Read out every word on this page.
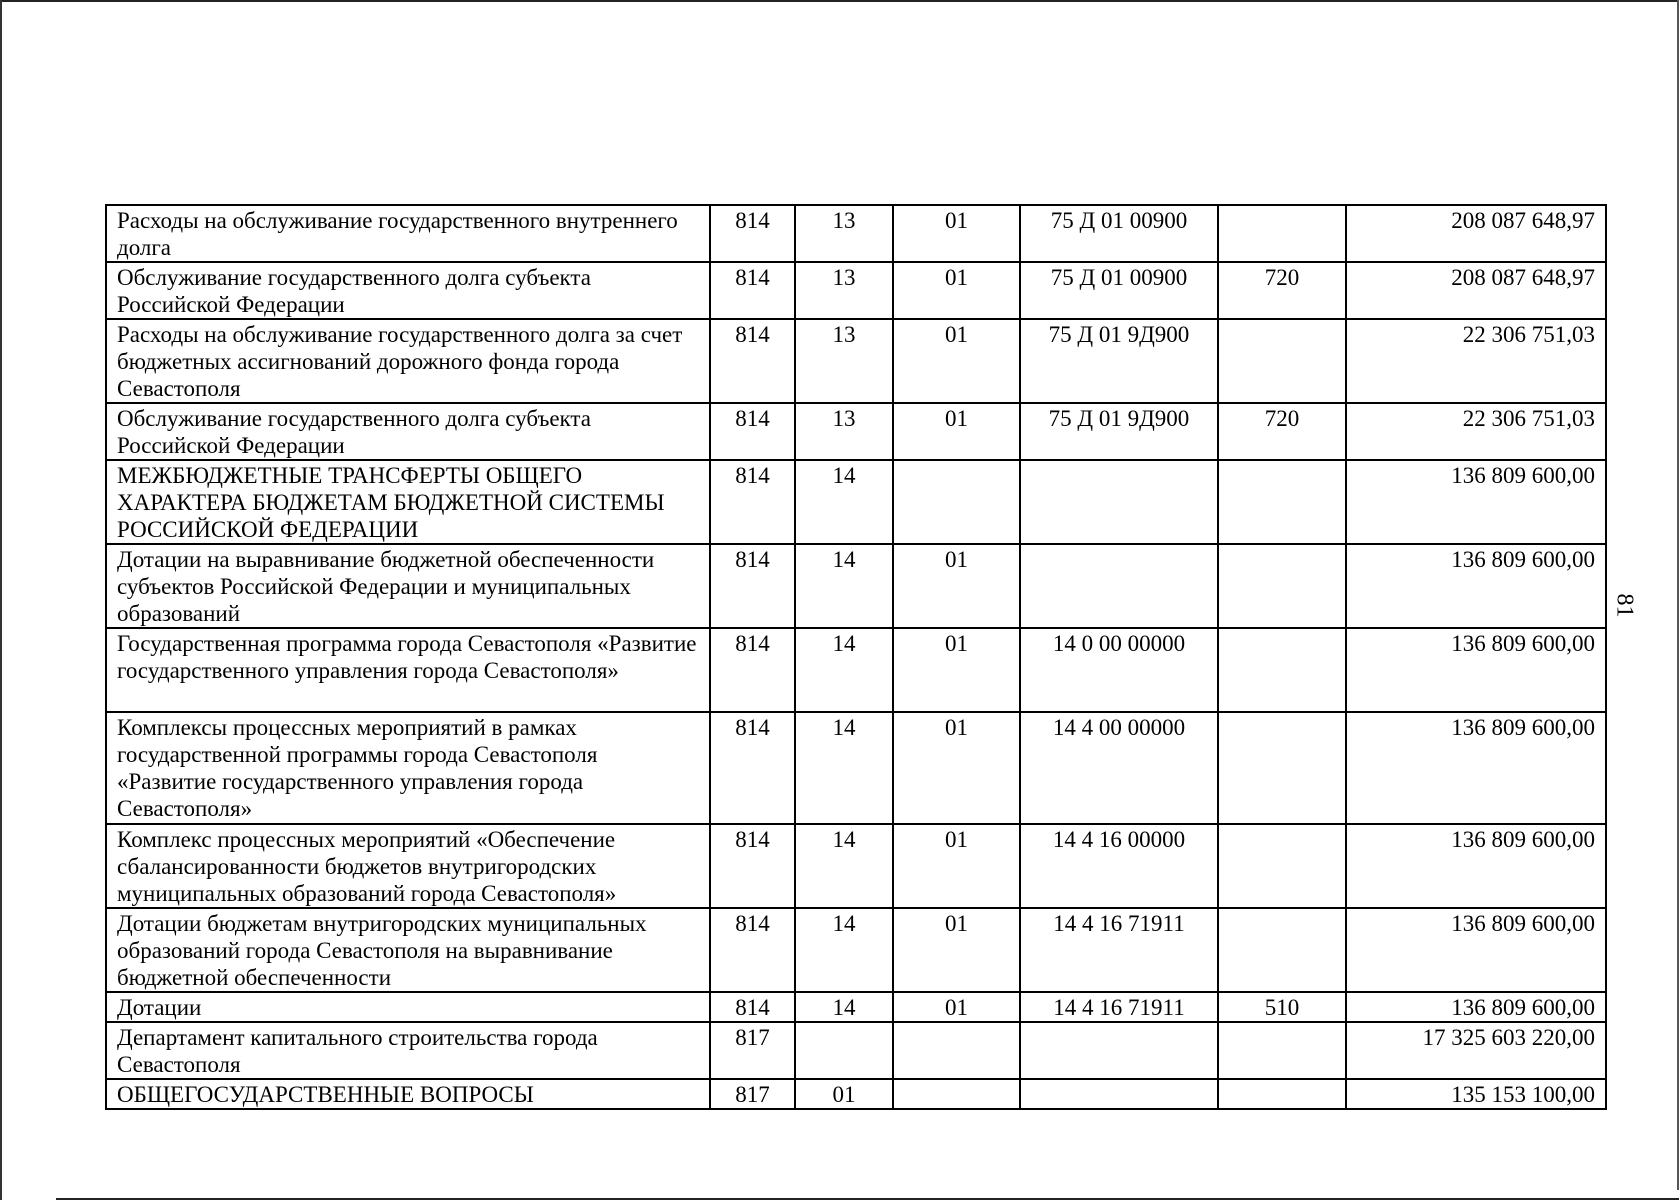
Расходы на обслуживание государственного внутреннего долга	814	13	01	75 Д 01 00900		208 087 648,97
Обслуживание государственного долга субъекта Российской Федерации	814	13	01	75 Д 01 00900	720	208 087 648,97
Расходы на обслуживание государственного долга за счет бюджетных ассигнований дорожного фонда города Севастополя	814	13	01	75 Д 01 9Д900		22 306 751,03
Обслуживание государственного долга субъекта Российской Федерации	814	13	01	75 Д 01 9Д900	720	22 306 751,03
МЕЖБЮДЖЕТНЫЕ ТРАНСФЕРТЫ ОБЩЕГО ХАРАКТЕРА БЮДЖЕТАМ БЮДЖЕТНОЙ СИСТЕМЫ РОССИЙСКОЙ ФЕДЕРАЦИИ	814	14				136 809 600,00
Дотации на выравнивание бюджетной обеспеченности субъектов Российской Федерации и муниципальных образований	814	14	01			136 809 600,00
Государственная программа города Севастополя «Развитие государственного управления города Севастополя»	814	14	01	14 0 00 00000		136 809 600,00
Комплексы процессных мероприятий в рамках государственной программы города Севастополя «Развитие государственного управления города Севастополя»	814	14	01	14 4 00 00000		136 809 600,00
Комплекс процессных мероприятий «Обеспечение сбалансированности бюджетов внутригородских муниципальных образований города Севастополя»	814	14	01	14 4 16 00000		136 809 600,00
Дотации бюджетам внутригородских муниципальных образований города Севастополя на выравнивание бюджетной обеспеченности	814	14	01	14 4 16 71911		136 809 600,00
Дотации	814	14	01	14 4 16 71911	510	136 809 600,00
Департамент капитального строительства города Севастополя	817					17 325 603 220,00
ОБЩЕГОСУДАРСТВЕННЫЕ ВОПРОСЫ	817	01				135 153 100,00
81
